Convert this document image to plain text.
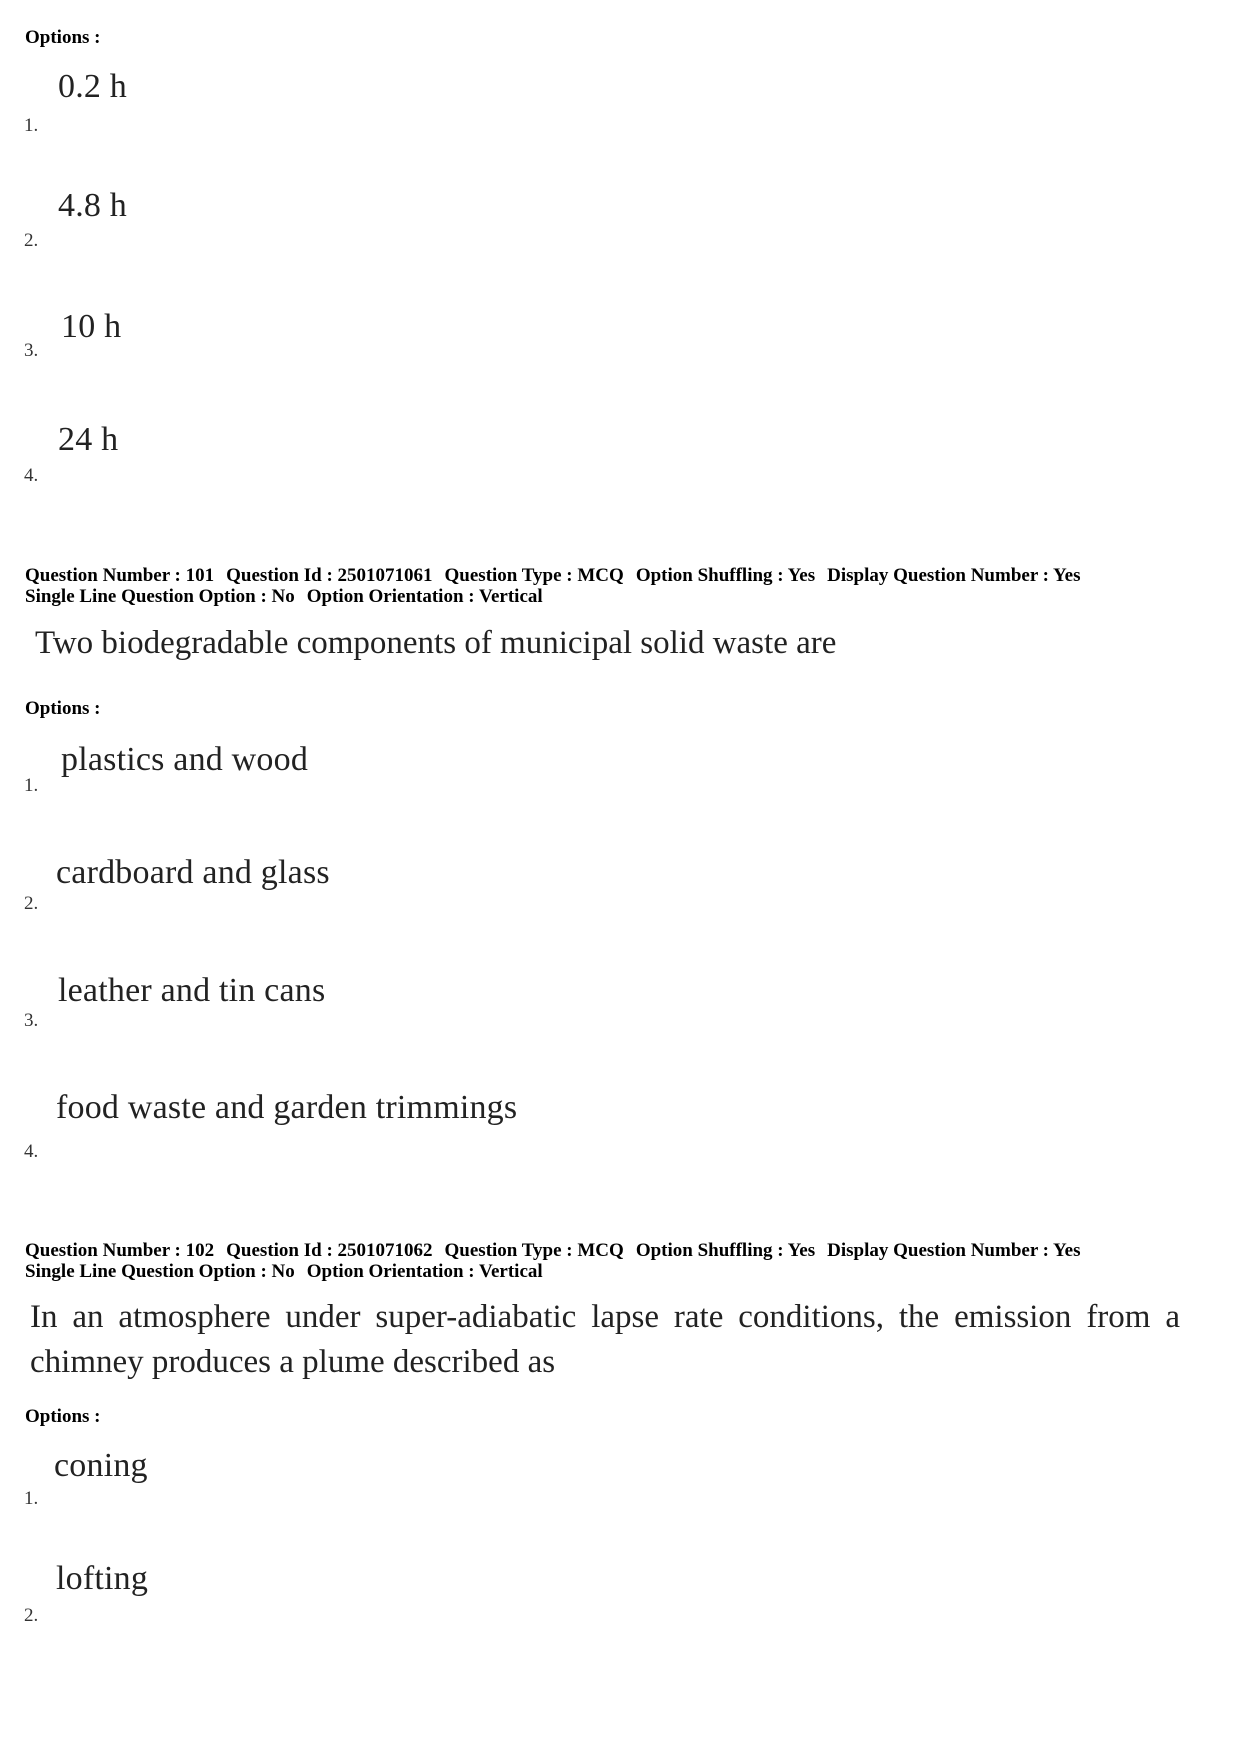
Options :
0.2 h
1.
4.8 h
2.
10 h
3.
24 h
4.
Question Number : 101 Question Id : 2501071061 Question Type : MCQ Option Shuffling : Yes Display Question Number : Yes
Single Line Question Option : No Option Orientation : Vertical
Two biodegradable components of municipal solid waste are
Options :
plastics and wood
1.
cardboard and glass
2.
leather and tin cans
3.
food waste and garden trimmings
4.
Question Number : 102 Question Id : 2501071062 Question Type : MCQ Option Shuffling : Yes Display Question Number : Yes
Single Line Question Option : No Option Orientation : Vertical
In an atmosphere under super-adiabatic lapse rate conditions, the emission from a chimney produces a plume described as
Options :
coning
1.
lofting
2.
